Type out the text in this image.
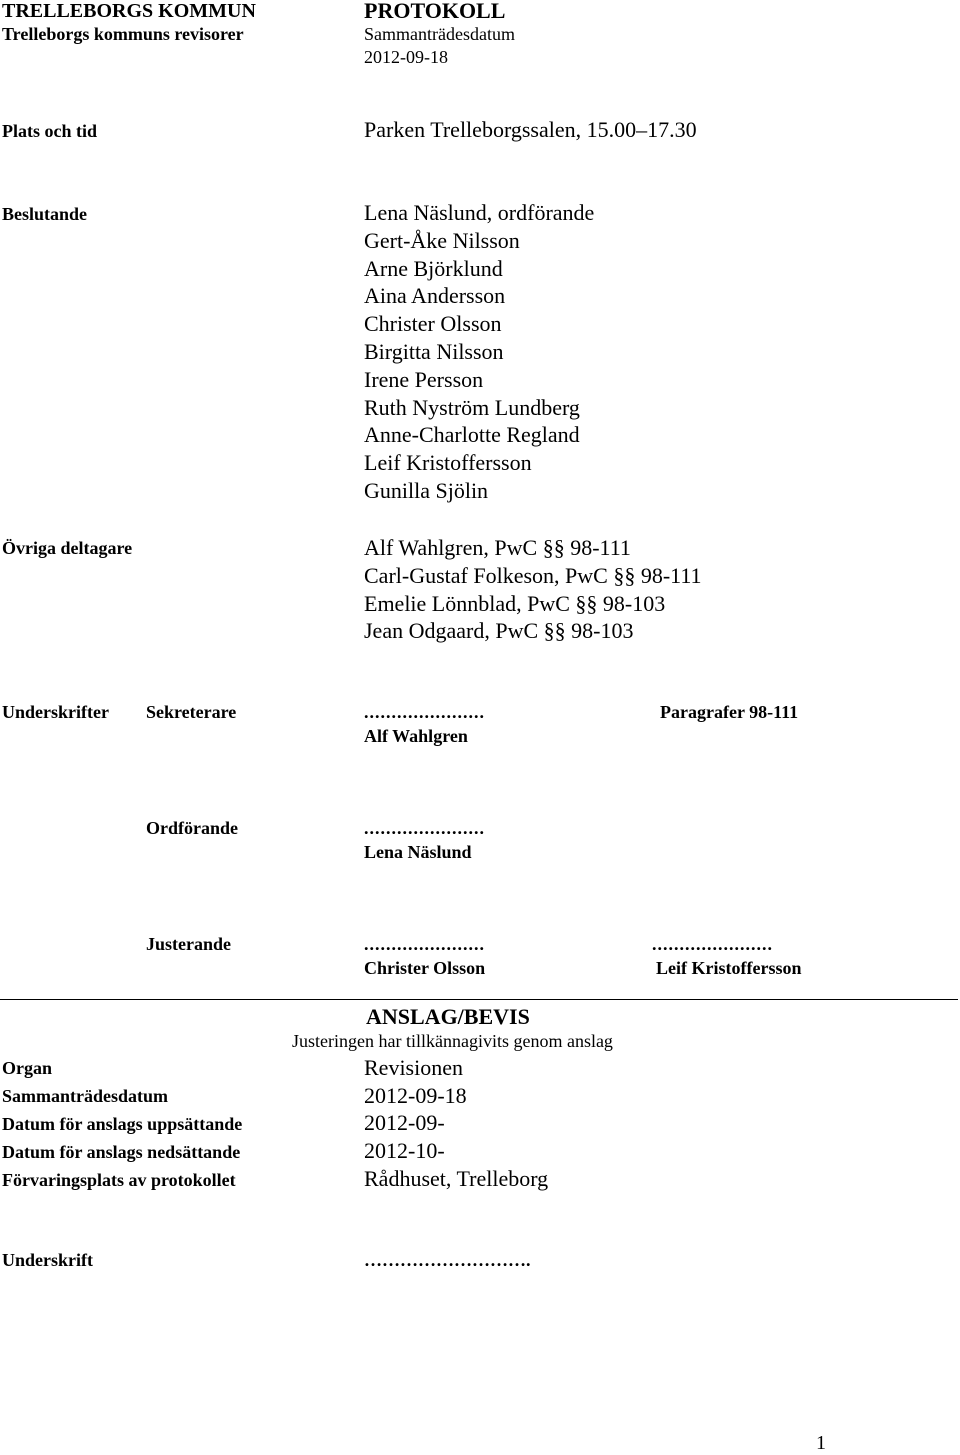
TRELLEBORGS KOMMUN
Trelleborgs kommuns revisorer
PROTOKOLL
Sammanträdesdatum
2012-09-18
Plats och tid	Parken Trelleborgssalen, 15.00–17.30
Beslutande	Lena Näslund, ordförande
Gert-Åke Nilsson
Arne Björklund
Aina Andersson
Christer Olsson
Birgitta Nilsson
Irene Persson
Ruth Nyström Lundberg
Anne-Charlotte Regland
Leif Kristoffersson
Gunilla Sjölin
Övriga deltagare	Alf Wahlgren, PwC §§ 98-111
Carl-Gustaf Folkeson, PwC §§ 98-111
Emelie Lönnblad, PwC §§ 98-103
Jean Odgaard, PwC §§ 98-103
Underskrifter Sekreterare	......................	Paragrafer 98-111
Alf Wahlgren
Ordförande	......................
Lena Näslund
Justerande	......................	......................
Christer Olsson	Leif Kristoffersson
ANSLAG/BEVIS
Justeringen har tillkännagivits genom anslag
Organ	Revisionen
Sammanträdesdatum	2012-09-18
Datum för anslags uppsättande	2012-09-
Datum för anslags nedsättande	2012-10-
Förvaringsplats av protokollet	Rådhuset, Trelleborg
Underskrift	……………………….
1
